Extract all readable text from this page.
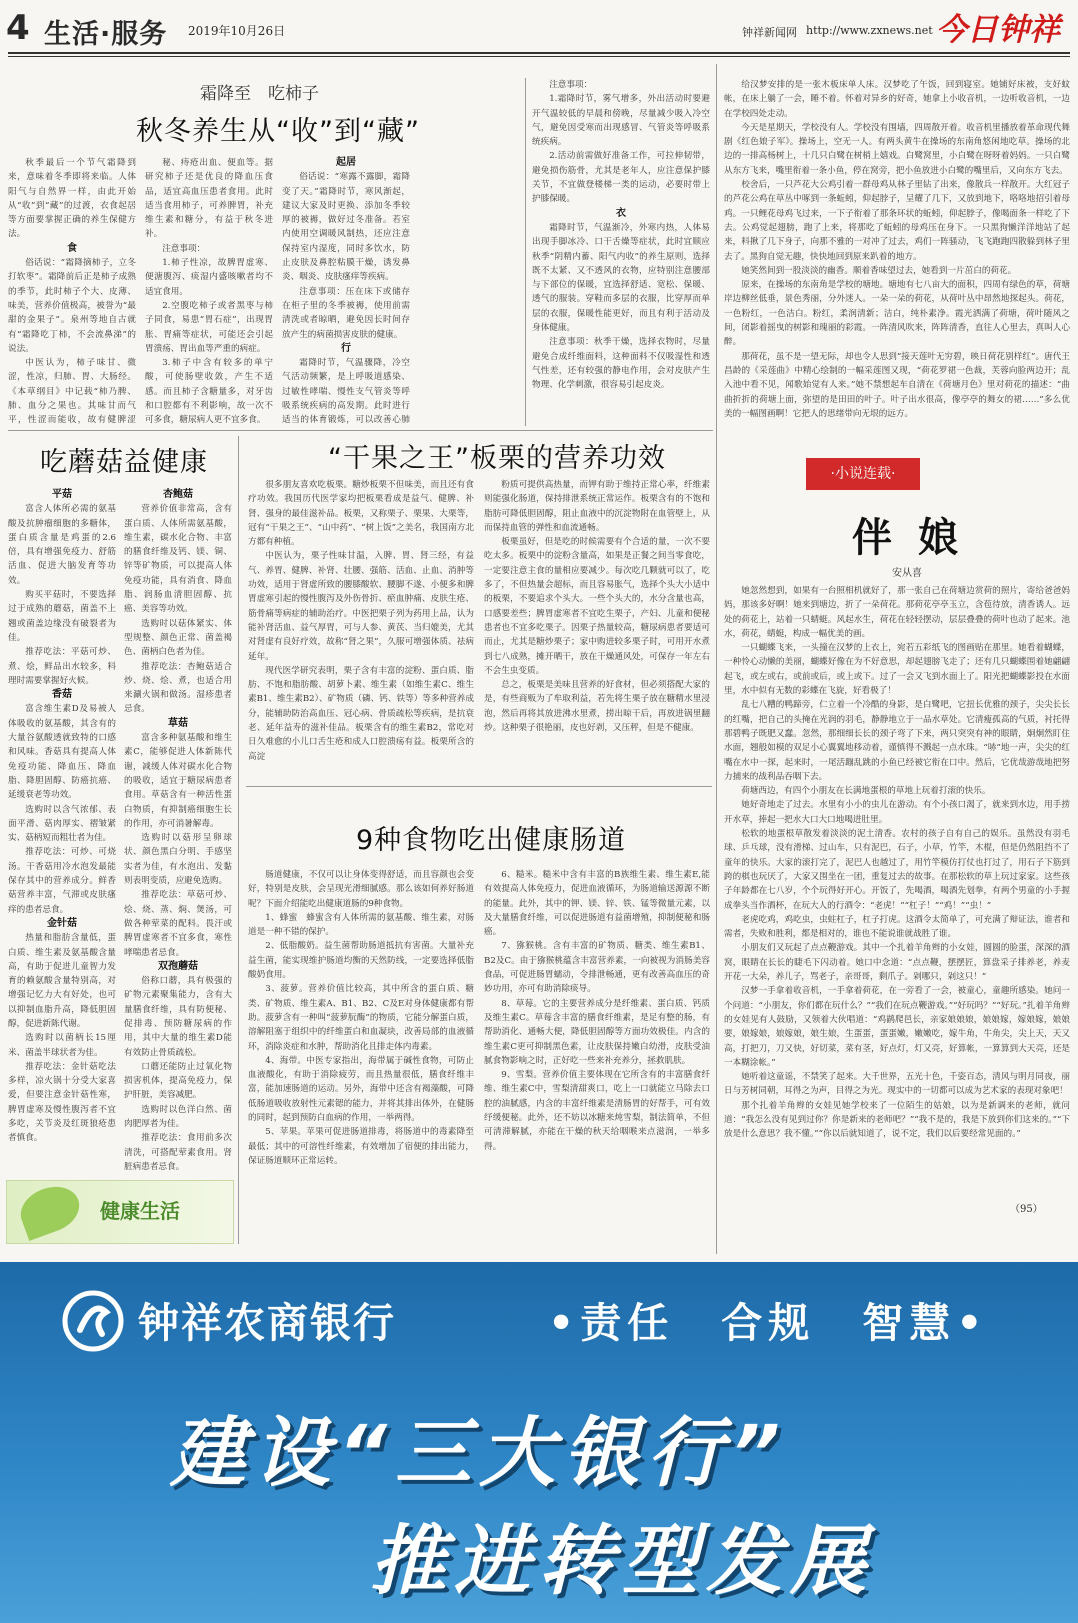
4 生活·服务 2019年10月26日	钟祥新闻网 http://www.zxnews.net 今日钟祥
霜降至　吃柿子
秋冬养生从“收”到“藏”

秋季最后一个节气霜降到来，意味着冬季即将来临。人体阳气与自然界一样，由此开始从“收”到“藏”的过渡，衣食起居等方面要掌握正确的养生保健方法。

食

俗话说：“霜降摘柿子，立冬打软枣”。霜降前后正是柿子成熟的季节，此时柿子个大、皮薄、味美，营养价值极高，被誉为“最甜的金果子”。泉州等地自古就有“霜降吃丁柿，不会流鼻涕”的说法。

中医认为，柿子味甘、微涩，性凉，归肺、胃、大肠经。《本草纲目》中记载“柿乃脾、肺、血分之果也。其味甘而气平，性涩而能收，故有健脾涩

秘、痔疮出血、便血等。据研究柿子还是优良的降血压食品，适宜高血压患者食用。此时适当食用柿子，可养脾胃，补充维生素和糖分，有益于秋冬进补。

注意事项：

1.柿子性凉，故脾胃虚寒、便溏腹泻、痰湿内盛咳嗽者均不适宜食用。

2.空腹吃柿子或者黑枣与柿子同食，易患“胃石症”，出现胃胀、胃痛等症状，可能还会引起胃溃疡、胃出血等严重的病症。

3.柿子中含有较多的单宁酸，可使肠壁收敛，产生不适感。而且柿子含糖量多，对牙齿和口腔都有不利影响，故一次不可多食，糖尿病人更不宜多食。

起居

俗话说：“寒露不露脚，霜降变了天。”霜降时节，寒风渐起，建议大家及时更换、添加冬季较厚的被褥，做好过冬准备。若室内使用空调暖风制热，还应注意保持室内湿度，同时多饮水，防止皮肤及鼻腔粘膜干燥，诱发鼻炎、咽炎、皮肤瘙痒等疾病。

注意事项：压在床下或储存在柜子里的冬季被褥，使用前需清洗或者晾晒，避免因长时间存放产生的病菌损害皮肤的健康。

行

霜降时节，气温骤降，冷空气活动频繁，是上呼吸道感染、过敏性哮喘、慢性支气管炎等呼吸系统疾病的高发期。此时进行适当的体育锻炼，可以改善心肺

注意事项：

1.霜降时节，雾气增多，外出活动时要避开气温较低的早晨和傍晚，尽量减少吸入冷空气，避免因受寒而出现感冒、气管炎等呼吸系统疾病。

2.活动前需做好准备工作，可拉伸韧带，避免损伤筋骨，尤其是老年人，应注意保护膝关节，不宜做登楼梯一类的运动，必要时带上护膝保暖。

衣

霜降时节，气温渐冷，外寒内热，人体易出现手脚冰冷、口干舌燥等症状，此时宜顺应秋季“阴精内蓄、阳气内收”的养生原则，选择既不太紧、又不透风的衣物，应特别注意腰部与下部位的保暖，宜选择舒适、宽松、保暖、透气的服装。穿鞋而多层的衣服，比穿厚而单层的衣服，保暖性能更好，而且有利于活动及身体健康。

注意事项：秋季干燥，选择衣物时，尽量避免合成纤维面料，这种面料不仅吸湿性和透气性差，还有较强的静电作用，会对皮肤产生物理、化学刺激，很容易引起皮炎。

吃蘑菇益健康
平菇

富含人体所必需的氨基酸及抗肿瘤细胞的多糖体，蛋白质含量是鸡蛋的2.6倍，具有增强免疫力、舒筋活血、促进大脑发育等功效。

购买平菇时，不要选择过于成熟的蘑菇，菌盖不上翘或菌盖边缘没有破裂者为佳。

推荐吃法：平菇可炒、煮、烩，鲜品出水较多，料理时需要掌握好火候。

香菇

富含维生素D及易被人体吸收的氨基酸，其含有的大量谷氨酸透就致特的口感和风味。香菇具有提高人体免疫功能、降血压、降血脂、降胆固醇、防癌抗癌、延缓衰老等功效。

选购时以含气浓郁、表面平滑、菇肉厚实、褶皱紧实、菇柄短而粗壮者为佳。

推荐吃法：可炒、可烧汤。干香菇用冷水泡发最能保存其中的营养成分。鲜香菇营养丰富，气滞或皮肤瘙痒的患者忌食。

金针菇

热量和脂肪含量低，蛋白质、维生素及氨基酸含量高，有助于促进儿童智力发育的赖氨酸含量特别高，对增强记忆力大有好处，也可以抑制血脂升高，降低胆固醇，促进新陈代谢。

选购时以菌柄长15厘米、菌盖半球状者为佳。

推荐吃法：金针菇吃法多样，凉火锅十分受大家喜爱，但要注意金针菇性寒，脾胃虚寒及慢性腹泻者不宜多吃，关节炎及红斑狼疮患者慎食。

杏鲍菇

营养价值非常高，含有蛋白质、人体所需氨基酸，维生素，碳水化合物、丰富的膳食纤维及钙、镁、铜、锌等矿物质，可以提高人体免疫功能，具有消食、降血脂、润肠血清胆固醇、抗癌、美容等功效。

选购时以菇体紧实、体型规整、颜色正常、菌盖褐色、菌柄白色者为佳。

推荐吃法：杏鲍菇适合炒、烧、烩、煮，也适合用来涮火锅和做汤。湿疹患者忌食。

草菇

富含多种氨基酸和维生素C，能够促进人体新陈代谢，减缓人体对碳水化合物的吸收，适宜于糖尿病患者食用。草菇含有一种活性蛋白物质，有抑制癌细胞生长的作用，亦可消暑解毒。

选购时以菇形呈卵球状、颜色黑白分明、手感坚实者为佳，有水泡出、发黏则表明变质，应避免选购。

推荐吃法：草菇可炒、烩、烧、蒸、焖、煲汤，可做各种荤菜的配料。畏汗或脾胃虚寒者不宜多食，寒性哮喘患者忌食。

双孢蘑菇

俗称口蘑，具有极强的矿物元素聚集能力，含有大量膳食纤维，具有防便秘、促排毒、预防糖尿病的作用，其中大量的维生素D能有效防止骨质疏松。

口蘑还能防止过氧化物损害机体，提高免疫力，保护肝脏，美容减肥。

选购时以色洋白然、菌肉肥厚者为佳。

推荐吃法：食用前多次清洗，可搭配荤素食用。肾脏病患者忌食。

健康生活
“干果之王”板栗的营养功效

很多朋友喜欢吃板栗。糖炒板栗不但味美，而且还有食疗功效。我国历代医学家均把板栗看成是益气、健脾、补肾、强身的最佳滋补品。板栗，又称栗子、栗果、大栗等，冠有“干果之王”、“山中药”、“树上饭”之美名，我国南方北方都有种植。

中医认为，栗子性味甘温，入脾、胃、肾三经，有益气、养胃、健脾、补肾、壮腰、强筋、活血、止血、消肿等功效，适用于肾虚所致的腰膝酸软、腰脚不遂、小便多和脾胃虚寒引起的慢性腹泻及外伤骨折、瘀血肿痛、皮肤生疮、筋骨痛等病症的辅助治疗。中医把栗子列为药用上品，认为能补肾活血、益气厚胃，可与人参、黄芪、当归媲美，尤其对肾虚有良好疗效，故称“肾之果”，久服可增强体质、祛病延年。

现代医学研究表明，栗子含有丰富的淀粉、蛋白质、脂肪、不饱和脂肪酸、胡萝卜素、维生素（如维生素C、维生素B1、维生素B2）、矿物质（磷、钙、铁等）等多种营养成分，能辅助防治高血压、冠心病、骨质疏松等疾病，是抗衰老、延年益寿的滋补佳品。板栗含有的维生素B2，常吃对日久难愈的小儿口舌生疮和成人口腔溃疡有益。板栗所含的高淀

粉质可提供高热量，而钾有助于维持正常心率，纤维素则能强化肠道，保持排泄系统正常运作。板栗含有的不饱和脂肪可降低胆固醇，阻止血液中的沉淀物附在血管壁上，从而保持血管的弹性和血流通畅。

板栗虽好，但是吃的时候需要有个合适的量，一次不要吃太多。板栗中的淀粉含量高，如果是正餐之间当零食吃，一定要注意主食的量相应要减少。每次吃几颗就可以了，吃多了，不但热量会超标，而且容易胀气，选择个头大小适中的板栗，不要追求个头大。一些个头大的，水分含量也高，口感要差些；脾胃虚寒者不宜吃生栗子，产妇、儿童和便秘患者也不宜多吃栗子。因栗子热量较高，糖尿病患者要适可而止，尤其是糖炒栗子；家中购进较多栗子时，可用开水煮到七八成熟，摊开晒干，放在干燥通风处，可保存一年左右不会生虫变质。

总之，板栗是美味且营养的好食材，但必须搭配大家的是，有些商贩为了牟取利益，若先将生栗子放在糖精水里浸泡，然后再将其放进沸水里煮，捞出晾干后，再放进锅里翻炒。这种栗子很艳丽，皮也好剥，又压秤，但是不健康。

9种食物吃出健康肠道

肠道健康，不仅可以让身体变得舒适，而且容颜也会变好，特别是皮肤，会呈现光滑细腻感。那么该如何养好肠道呢？下面介绍能吃出健康道肠的9种食物。

1、蜂蜜　蜂蜜含有人体所需的氨基酸、维生素，对肠道是一种不错的保护。

2、低脂酸奶。益生菌帮助肠道抵抗有害菌。大量补充益生菌，能实现维护肠道均衡的天然防线，一定要选择低脂酸奶食用。

3、菠萝。营养价值比较高，其中所含的蛋白质、糖类、矿物质、维生素A、B1、B2、C及E对身体健康都有帮助。菠萝含有一种叫“菠萝朊酶”的物质，它能分解蛋白质，溶解阻塞于组织中的纤维蛋白和血凝块，改善局部的血液循环，消除炎症和水肿，帮助消化且排走体内毒素。

4、海带。中医专家指出，海带属于碱性食物，可防止血液酸化，有助于消除疲劳，而且热量很低，膳食纤维丰富，能加速肠道的运动。另外，海带中还含有褐藻酸，可降低肠道吸收放射性元素锶的能力，并将其排出体外，在健肠的同时，起到预防白血病的作用，一举两得。

5、苹果。苹果可促进肠道排毒，将肠道中的毒素降至最低；其中的可溶性纤维素，有效增加了宿便的排出能力，保证肠道顺环正常运转。

6、糙米。糙米中含有丰富的B族维生素、维生素E,能有效提高人体免疫力，促进血液循环，为肠道输送源源不断的能量。此外，其中的钾、镁、锌、铁、锰等微量元素，以及大量膳食纤维，可以促进肠道有益菌增殖，抑制便秘和肠癌。

7、猕猴桃。含有丰富的矿物质、糖类、维生素B1、B2及C。由于猕猴桃蕴含丰富营养素，一向被视为消肠美容食品，可促进肠胃蠕动，令排泄畅通，更有改善高血压的奇妙功用，亦可有助消除痰导。

8、草莓。它的主要营养成分是纤维素、蛋白质、钙质及维生素C。草莓含丰富的膳食纤维素，是足有整的肠，有帮助消化、通畅大便，降低胆固醇等方面功效极佳。内含的维生素C更可抑制黑色素，让皮肤保持嫩白幼滑，皮肤受油腻食物影响之时，正好吃一些来补充养分，拯救肌肤。

9、雪梨。营养价值主要体现在它所含有的丰富膳食纤维、维生素C中，雪梨清甜爽口，吃上一口就能立马除去口腔的油腻感，内含的丰富纤维素是清肠胃的好帮手，可有效纾缓便秘。此外，还不妨以冰糖来炖雪梨，制法简单，不但可清滞解腻，亦能在干燥的秋天给咽喉来点滋润，一举多得。

给汉梦安排的是一张木板床单人床。汉梦吃了午饭，回到寝室。她铺好床被，支好蚊帐，在床上躺了一会，睡不着。怀着对异乡的好奇，她拿上小收音机，一边听收音机，一边在学校四处走动。

今天是星期天，学校没有人。学校没有围墙，四周散开着。收音机里播放着革命现代舞剧《红色娘子军》。操场上，空无一人。有两头黄牛在操场的东南角悠闲地吃草。操场的北边的一排高杨树上，十几只白鹭在树梢上嬉戏。白鹭窝里，小白鹭在呀呀着妈妈。一只白鹭从东方飞来，嘴里衔着一条小鱼，停在窝旁，把小鱼放进小白鹭的嘴里后，又向东方飞去。

校舍后，一只芦花大公鸡引着一群母鸡从林子里钻了出来，像散兵一样散开。大红冠子的芦花公鸡在草丛中啄到一条蚯蚓，仰起脖子，呈耀了几下，又放到地下，咯咯地招引着母鸡。一只鲤花母鸡飞过来，一下子衔着了那条环状的蚯蚓，仰起脖子，像喝面条一样吃了下去。公鸡觉起翅膀，跑了上来，将那吃了蚯蚓的母鸡压在身下。一只黑狗懒洋洋地站了起来，料揪了几下身子，向那不雅的一对冲了过去，鸡们一阵骚动，飞飞跑跑四散躲到林子里去了。黑狗自觉无趣，快快地回到原来趴着的地方。

她笑然间到一股淡淡的幽香。顺着香味望过去，她看到一片茁白的荷花。

原来，在操场的东南角是学校的塘地。塘地有七八亩大的面积，四周有绿色的草，荷塘岸边柳丝低垂，景色秀丽，分外迷人。一朵一朵的荷花，从荷叶丛中昂然地探起头。荷花，一色粉红，一色洁白。粉红，柔润清新；洁白，纯朴素净。霞光洒满了荷塘，荷叶随风之间，闭影着摇曳的树影和瑰丽的彩霞。一阵清风吹来，阵阵清香，直往人心里去，真叫人心醉。

那荷花，虽不是一望无际，却也令人思到“接天莲叶无穷碧，映日荷花别样红”。唐代王昌龄的《采莲曲》中精心绘制的一幅采莲图又现，“荷花罗裙一色裁，芙蓉向脸两边开；乱入池中看不见，闻歌始觉有人来。”她不禁想起车自清在《荷塘月色》里对荷花的描述：“曲曲折折的荷塘上面，弥望的是田田的叶子。叶子出水很高，像亭亭的舞女的裙……”多么优美的一幅图画啊！它把人的思绪带向无垠的远方。

·小说连载·
伴娘
安从喜

她忽然想到，如果有一台照相机就好了，那一张自己在荷塘边赏荷的照片，寄给爸爸妈妈，那该多好啊！她来到塘边，折了一朵荷花。那荷花亭亭玉立，含苞待放，清香诱人。远处的荷花上，站着一只蜻蜓。风起水生，荷花在轻轻摆动，层层叠叠的荷叶也动了起来。池水，荷花，蜻蜓，构成一幅优美的画。

一只蝴蝶飞来，一头撞在汉梦的上衣上，宛若五彩纸飞的图画贴在那里。她看着蝴蝶，一种怜心动懒的美丽，蝴蝶好像在为不好意思，却起翅膀飞走了；还有几只蝴蝶围着她翩翩起飞，或左或右，或前或后，或上或下。过了一会又飞到水面上了。阳光把蝴蝶影投在水面里，水中似有无数的彩蝶在飞旋，好看极了！

乱七八糟的鸭蹄旁，仁立着一个冷酷的身影，是白鹭吧，它扭长优雅的颈子，尖尖长长的红嘴，把自己的头掩在光润的羽毛，静静地立于一品水草处。它清瘦孤高的气质，衬托得那碧鸭子既肥又蠢。忽然，那细细长长的颈子弯了下来，两只突突有神的眼睛，炯炯然盯住水面，翘般如模的双足小心翼翼地移动着，谨慎得不溅起一点水珠。“哧”地一声，尖尖的红嘴在水中一探，起来时，一尾活蹦乱跳的小鱼已经被它衔在口中。然后，它优哉游哉地把努力捕来的战利品吞咽下去。

荷塘西边，有四个小朋友在长满地蛋根的草地上玩着打滚的快乐。

她好奇地走了过去。水里有小小的虫儿在游动。有个小孩口渴了，就来到水边，用手捞开水草，捧起一把水大口大口地喝进肚里。

松软的地蛋根草散发着淡淡的泥土清香。农村的孩子自有自己的娱乐。虽然没有羽毛球、乒乓球，没有滑梯、过山车，只有泥巴，石子，小草，竹竿，木棍，但是仍然阻挡不了童年的快乐。大家的滚打完了，泥巴人也越过了，用竹竿模仿打仗也打过了，用石子下筋到跨的棋也玩厌了，大家又围坐在一团，重复过去的故事。在那松软的草上玩过家家。这些孩子年龄都在七八岁，个个玩得好开心。开饭了，先喝酒，喝酒先划拳，有两个男童的小手握成拳头当作酒杯，在玩大人的行酒令：“老虎！”“杠子！”“鸡！”“虫！”

老虎吃鸡，鸡吃虫，虫蛀杠子，杠子打虎。这酒令太简单了，可充满了辩证法，谁者和需者，失败和胜利，都是相对的，谁也不能说谁就战胜了谁。

小朋友们又玩起了点点鞭游戏。其中一个扎着羊角辫的小女娃，圆圆的脸蛋，深深的酒窝，眼睛在长长的睫毛下闪动着。她口中念道：“点点鞭，摆摆匠，算盘采子排养老，养麦开花一大朵，养儿子，骂老子，亲哥哥，剩爪子。剁哪只，剁这只！”

汉梦一手拿着收音机，一手拿着荷花，在一旁看了一会，被童心，童趣所感染。她问一个问道：“小朋友，你们都在玩什么？”“我们在玩点鞭游戏。”“好玩吗？”“好玩。”扎着羊角辫的女娃见有人鼓励，又领着大伙唱道：“鸡鹋爬邑长，亲家娘娘娘，娘娘嫁，嫁娘嫁，娘娘要，娘嫁娘，娘嫁娘，娘生娘，生蛋蛋，蛋蛋嫩，嫩嫩吃，嫁牛角，牛角尖，尖上天，天又高，打把刀，刀又快，好切菜，菜有茎，好点灯，灯又亮，好算帐，一算算到大天亮，还是一本糊涂帐。”

她听着这童谣，不禁笑了起来。大千世界，五光十色，千姿百态，清风与明月同夜，丽日与芳树同朝，耳得之为声，目得之为光。现实中的一切都可以成为艺术家的表现对象吧！

那个扎着羊角辫的女娃见她学校来了一位陌生的姑娘，以为是新调来的老师，就问道：“我怎么没有见到过你？你是新来的老师吧？”“我不是的，我是下放到你们这来的。”“下放是什么意思？我不懂。”“你以后就知道了，说不定，我们以后要经常见面的。”

（95）
钟祥农商银行	•责任　合规　智慧•
建设“三大银行”
推进转型发展
